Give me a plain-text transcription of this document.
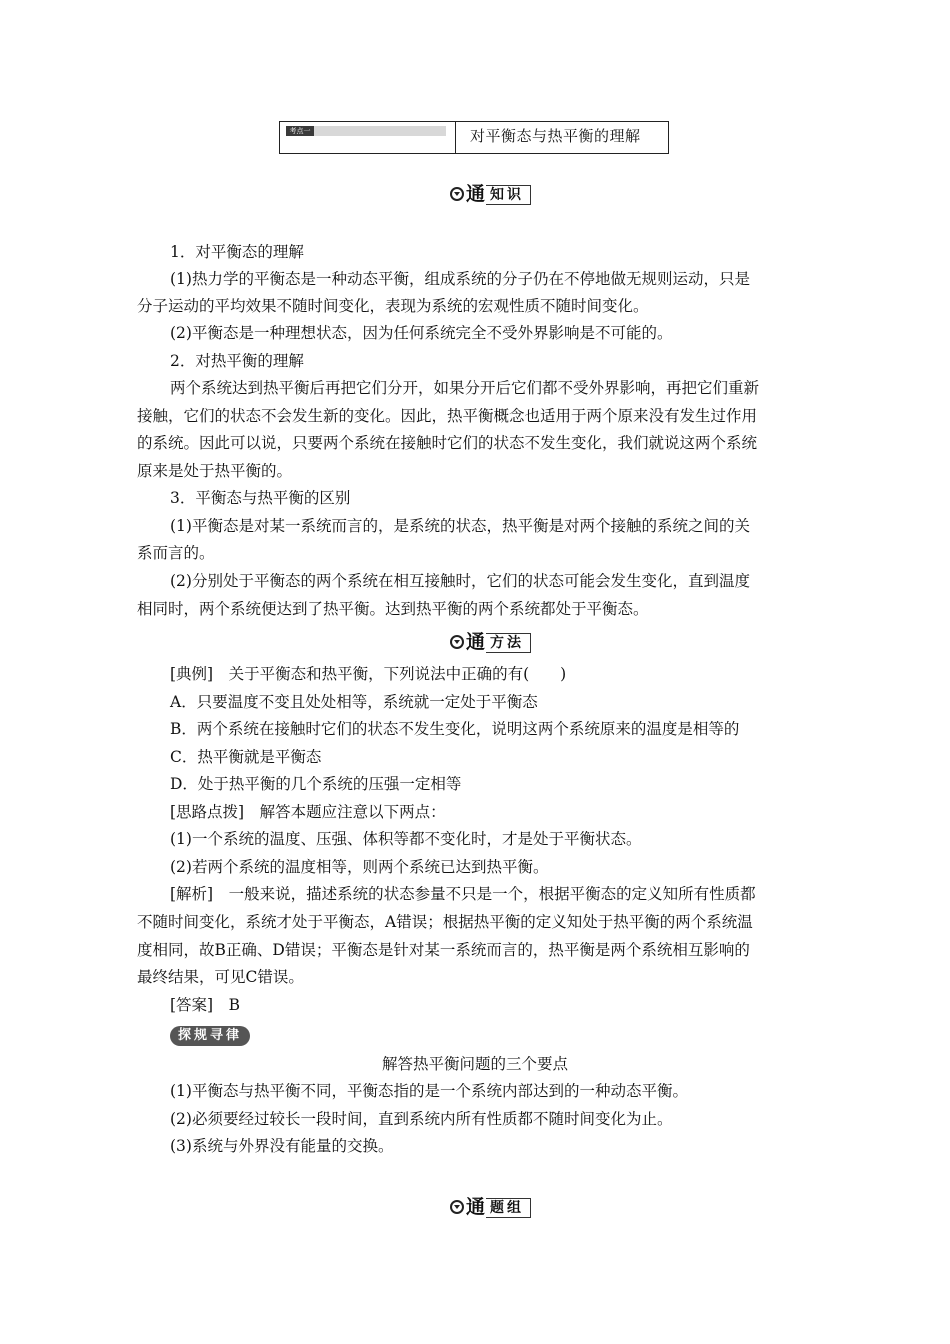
考点一	对平衡态与热平衡的理解
通 知识
1．对平衡态的理解
(1)热力学的平衡态是一种动态平衡，组成系统的分子仍在不停地做无规则运动，只是
分子运动的平均效果不随时间变化，表现为系统的宏观性质不随时间变化。
(2)平衡态是一种理想状态，因为任何系统完全不受外界影响是不可能的。
2．对热平衡的理解
两个系统达到热平衡后再把它们分开，如果分开后它们都不受外界影响，再把它们重新
接触，它们的状态不会发生新的变化。因此，热平衡概念也适用于两个原来没有发生过作用
的系统。因此可以说，只要两个系统在接触时它们的状态不发生变化，我们就说这两个系统
原来是处于热平衡的。
3．平衡态与热平衡的区别
(1)平衡态是对某一系统而言的，是系统的状态，热平衡是对两个接触的系统之间的关
系而言的。
(2)分别处于平衡态的两个系统在相互接触时，它们的状态可能会发生变化，直到温度
相同时，两个系统便达到了热平衡。达到热平衡的两个系统都处于平衡态。
通 方法
[典例]　关于平衡态和热平衡，下列说法中正确的有(　　)
A．只要温度不变且处处相等，系统就一定处于平衡态
B．两个系统在接触时它们的状态不发生变化，说明这两个系统原来的温度是相等的
C．热平衡就是平衡态
D．处于热平衡的几个系统的压强一定相等
[思路点拨]　解答本题应注意以下两点：
(1)一个系统的温度、压强、体积等都不变化时，才是处于平衡状态。
(2)若两个系统的温度相等，则两个系统已达到热平衡。
[解析]　一般来说，描述系统的状态参量不只是一个，根据平衡态的定义知所有性质都
不随时间变化，系统才处于平衡态，A错误；根据热平衡的定义知处于热平衡的两个系统温
度相同，故B正确、D错误；平衡态是针对某一系统而言的，热平衡是两个系统相互影响的
最终结果，可见C错误。
[答案]　B
探规寻律
解答热平衡问题的三个要点
(1)平衡态与热平衡不同，平衡态指的是一个系统内部达到的一种动态平衡。
(2)必须要经过较长一段时间，直到系统内所有性质都不随时间变化为止。
(3)系统与外界没有能量的交换。
通 题组
